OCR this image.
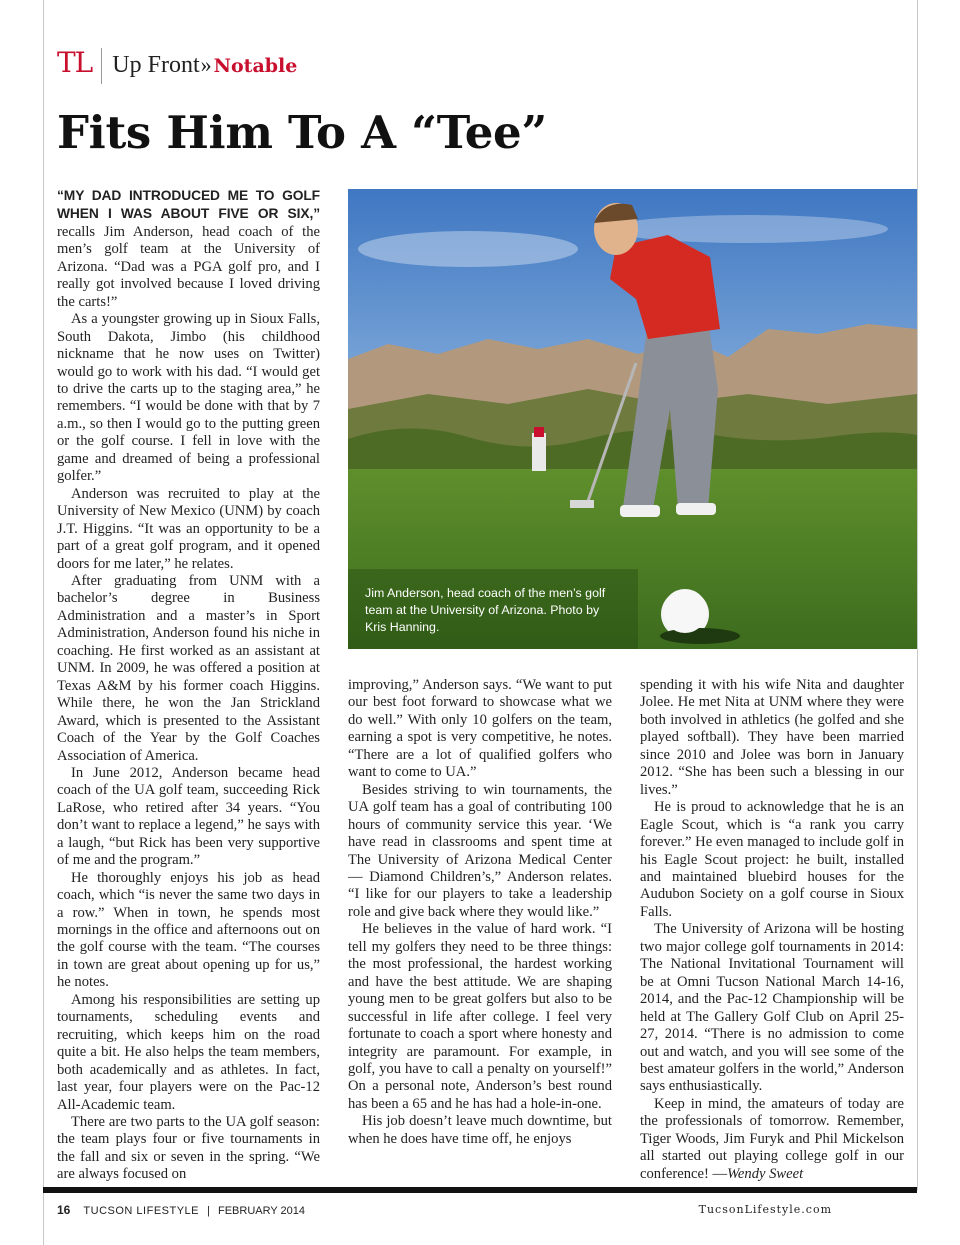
TL Up Front » Notable
Fits Him To A “Tee”

“MY DAD INTRODUCED ME TO GOLF WHEN I WAS ABOUT FIVE OR SIX,” recalls Jim Anderson, head coach of the men’s golf team at the University of Arizona. “Dad was a PGA golf pro, and I really got involved because I loved driving the carts!”

As a youngster growing up in Sioux Falls, South Dakota, Jimbo (his childhood nickname that he now uses on Twitter) would go to work with his dad. “I would get to drive the carts up to the staging area,” he remembers. “I would be done with that by 7 a.m., so then I would go to the putting green or the golf course. I fell in love with the game and dreamed of being a professional golfer.”

Anderson was recruited to play at the University of New Mexico (UNM) by coach J.T. Higgins. “It was an opportunity to be a part of a great golf program, and it opened doors for me later,” he relates.

After graduating from UNM with a bachelor’s degree in Business Administration and a master’s in Sport Administration, Anderson found his niche in coaching. He first worked as an assistant at UNM. In 2009, he was offered a position at Texas A&M by his former coach Higgins. While there, he won the Jan Strickland Award, which is presented to the Assistant Coach of the Year by the Golf Coaches Association of America.

In June 2012, Anderson became head coach of the UA golf team, succeeding Rick LaRose, who retired after 34 years. “You don’t want to replace a legend,” he says with a laugh, “but Rick has been very supportive of me and the program.”

He thoroughly enjoys his job as head coach, which “is never the same two days in a row.” When in town, he spends most mornings in the office and afternoons out on the golf course with the team. “The courses in town are great about opening up for us,” he notes.

Among his responsibilities are setting up tournaments, scheduling events and recruiting, which keeps him on the road quite a bit. He also helps the team members, both academically and as athletes. In fact, last year, four players were on the Pac-12 All-Academic team.

There are two parts to the UA golf season: the team plays four or five tournaments in the fall and six or seven in the spring. “We are always focused on

Jim Anderson, head coach of the men’s golf team at the University of Arizona. Photo by Kris Hanning.

improving,” Anderson says. “We want to put our best foot forward to showcase what we do well.” With only 10 golfers on the team, earning a spot is very competitive, he notes. “There are a lot of qualified golfers who want to come to UA.”

Besides striving to win tournaments, the UA golf team has a goal of contributing 100 hours of community service this year. ‘We have read in classrooms and spent time at The University of Arizona Medical Center — Diamond Children’s,” Anderson relates. “I like for our players to take a leadership role and give back where they would like.”

He believes in the value of hard work. “I tell my golfers they need to be three things: the most professional, the hardest working and have the best attitude. We are shaping young men to be great golfers but also to be successful in life after college. I feel very fortunate to coach a sport where honesty and integrity are paramount. For example, in golf, you have to call a penalty on yourself!” On a personal note, Anderson’s best round has been a 65 and he has had a hole-in-one.

His job doesn’t leave much downtime, but when he does have time off, he enjoys

spending it with his wife Nita and daughter Jolee. He met Nita at UNM where they were both involved in athletics (he golfed and she played softball). They have been married since 2010 and Jolee was born in January 2012. “She has been such a blessing in our lives.”

He is proud to acknowledge that he is an Eagle Scout, which is “a rank you carry forever.” He even managed to include golf in his Eagle Scout project: he built, installed and maintained bluebird houses for the Audubon Society on a golf course in Sioux Falls.

The University of Arizona will be hosting two major college golf tournaments in 2014: The National Invitational Tournament will be at Omni Tucson National March 14-16, 2014, and the Pac-12 Championship will be held at The Gallery Golf Club on April 25-27, 2014. “There is no admission to come out and watch, and you will see some of the best amateur golfers in the world,” Anderson says enthusiastically.

Keep in mind, the amateurs of today are the professionals of tomorrow. Remember, Tiger Woods, Jim Furyk and Phil Mickelson all started out playing college golf in our conference! —Wendy Sweet

16 TUCSON LIFESTYLE | FEBRUARY 2014	TucsonLifestyle.com
